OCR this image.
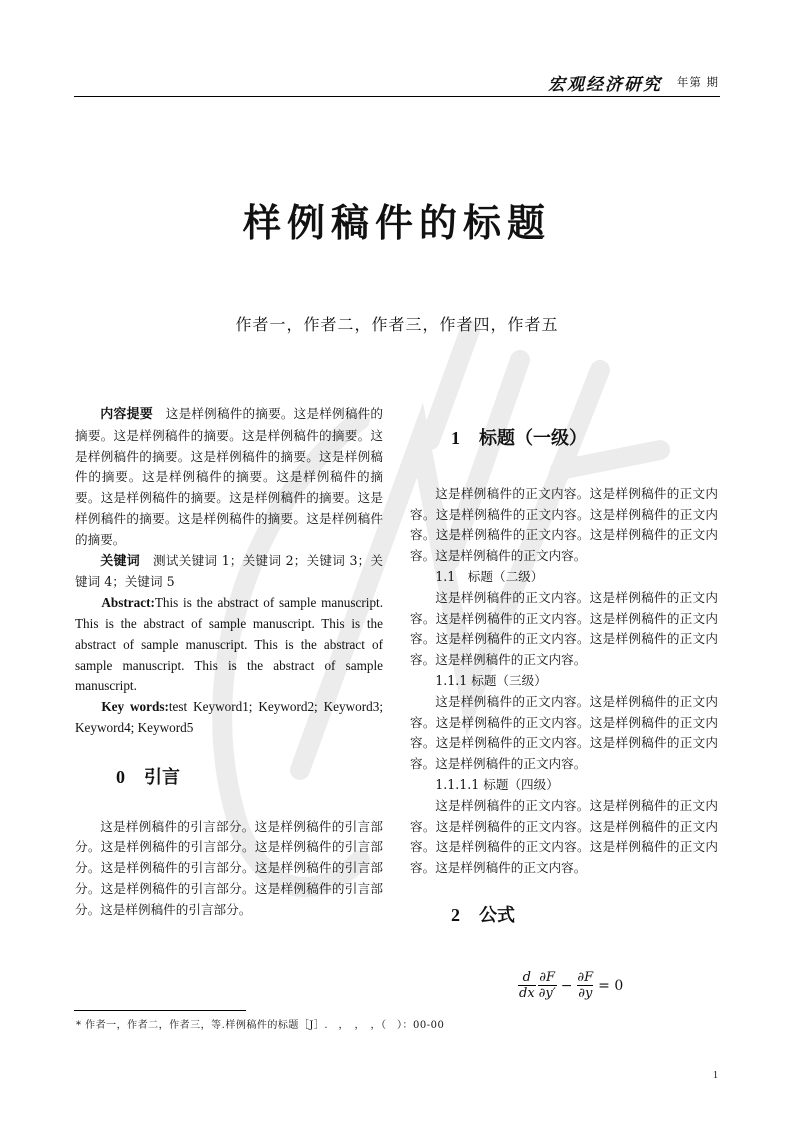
宏观经济研究 年第 期
样例稿件的标题
作者一，作者二，作者三，作者四，作者五

内容提要　 这是样例稿件的摘要。这是样例稿件的摘要。这是样例稿件的摘要。这是样例稿件的摘要。这是样例稿件的摘要。这是样例稿件的摘要。这是样例稿件的摘要。这是样例稿件的摘要。这是样例稿件的摘要。这是样例稿件的摘要。这是样例稿件的摘要。这是样例稿件的摘要。这是样例稿件的摘要。这是样例稿件的摘要。

关键词　 测试关键词 1；关键词 2；关键词 3；关键词 4；关键词 5

Abstract:This is the abstract of sample manuscript. This is the abstract of sample manuscript. This is the abstract of sample manuscript. This is the abstract of sample manuscript. This is the abstract of sample manuscript.

Key words:test Keyword1; Keyword2; Keyword3; Keyword4; Keyword5

0 引言

这是样例稿件的引言部分。这是样例稿件的引言部分。这是样例稿件的引言部分。这是样例稿件的引言部分。这是样例稿件的引言部分。这是样例稿件的引言部分。这是样例稿件的引言部分。这是样例稿件的引言部分。这是样例稿件的引言部分。

1 标题（一级）

这是样例稿件的正文内容。这是样例稿件的正文内容。这是样例稿件的正文内容。这是样例稿件的正文内容。这是样例稿件的正文内容。这是样例稿件的正文内容。这是样例稿件的正文内容。

1.1　标题（二级）

这是样例稿件的正文内容。这是样例稿件的正文内容。这是样例稿件的正文内容。这是样例稿件的正文内容。这是样例稿件的正文内容。这是样例稿件的正文内容。这是样例稿件的正文内容。

1.1.1 标题（三级）

这是样例稿件的正文内容。这是样例稿件的正文内容。这是样例稿件的正文内容。这是样例稿件的正文内容。这是样例稿件的正文内容。这是样例稿件的正文内容。这是样例稿件的正文内容。

1.1.1.1 标题（四级）

这是样例稿件的正文内容。这是样例稿件的正文内容。这是样例稿件的正文内容。这是样例稿件的正文内容。这是样例稿件的正文内容。这是样例稿件的正文内容。这是样例稿件的正文内容。

2 公式

$\frac{d}{dx} \frac{\partial F}{\partial y'} - \frac{\partial F}{\partial y} = 0$
* 作者一，作者二，作者三，等.样例稿件的标题［J］.　，　，　，（　）：00-00
1
